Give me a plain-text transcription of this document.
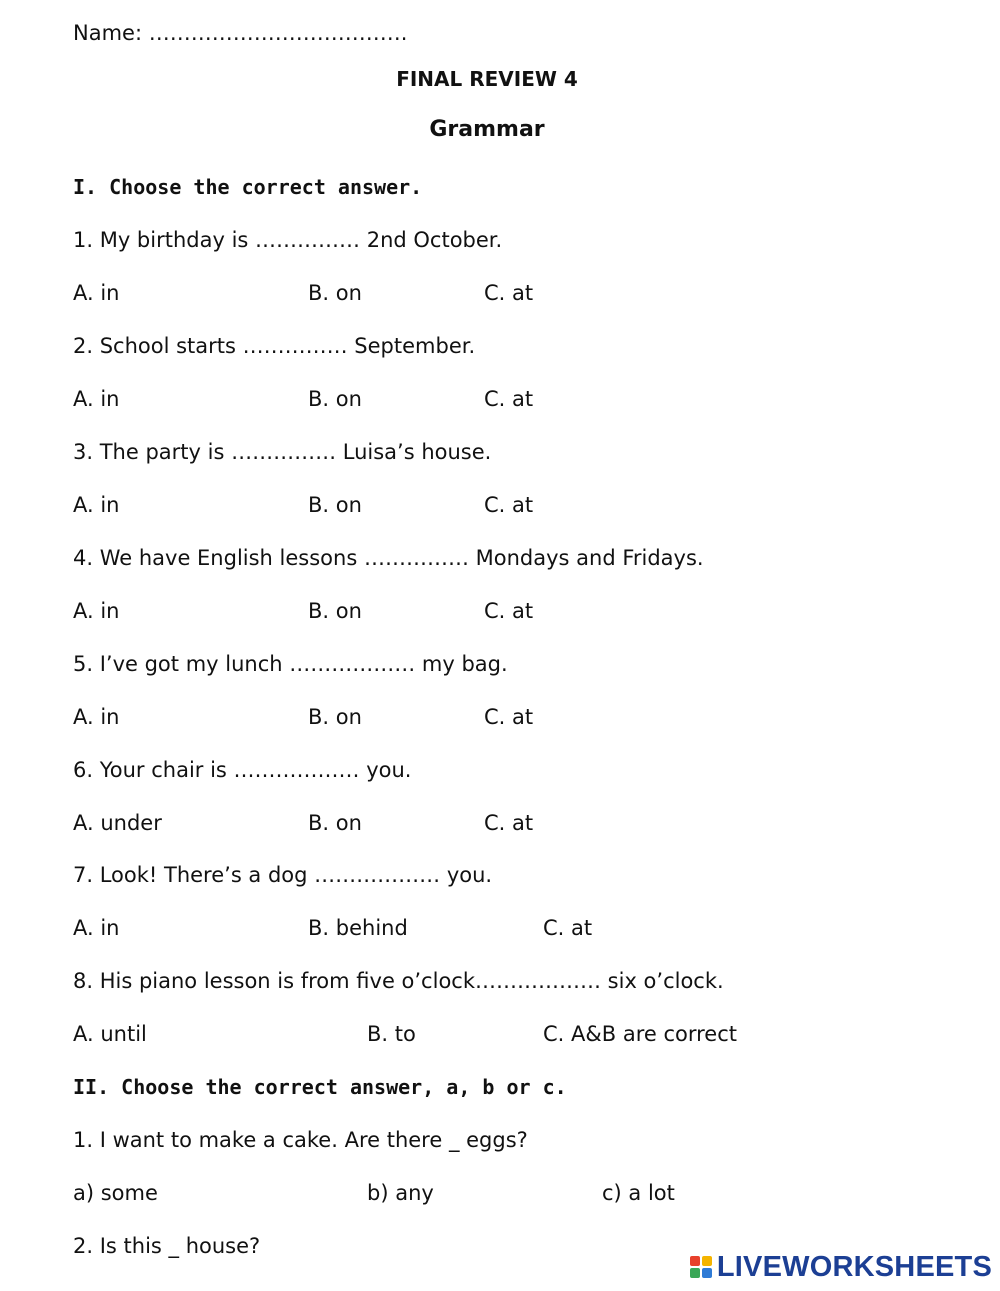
Name: ……………………………….
FINAL REVIEW 4
Grammar
I. Choose the correct answer.
1. My birthday is …………… 2nd October.
A. in	B. on	C. at
2. School starts …………… September.
A. in	B. on	C. at
3. The party is …………… Luisa’s house.
A. in	B. on	C. at
4. We have English lessons …………… Mondays and Fridays.
A. in	B. on	C. at
5. I’ve got my lunch ……………… my bag.
A. in	B. on	C. at
6. Your chair is ……………… you.
A. under	B. on	C. at
7. Look! There’s a dog ……………… you.
A. in	B. behind	C. at
8. His piano lesson is from five o’clock……………… six o’clock.
A. until	B. to	C. A&B are correct
II. Choose the correct answer, a, b or c.
1. I want to make a cake. Are there _ eggs?
a) some	b) any	c) a lot
2. Is this _ house?
LIVEWORKSHEETS
